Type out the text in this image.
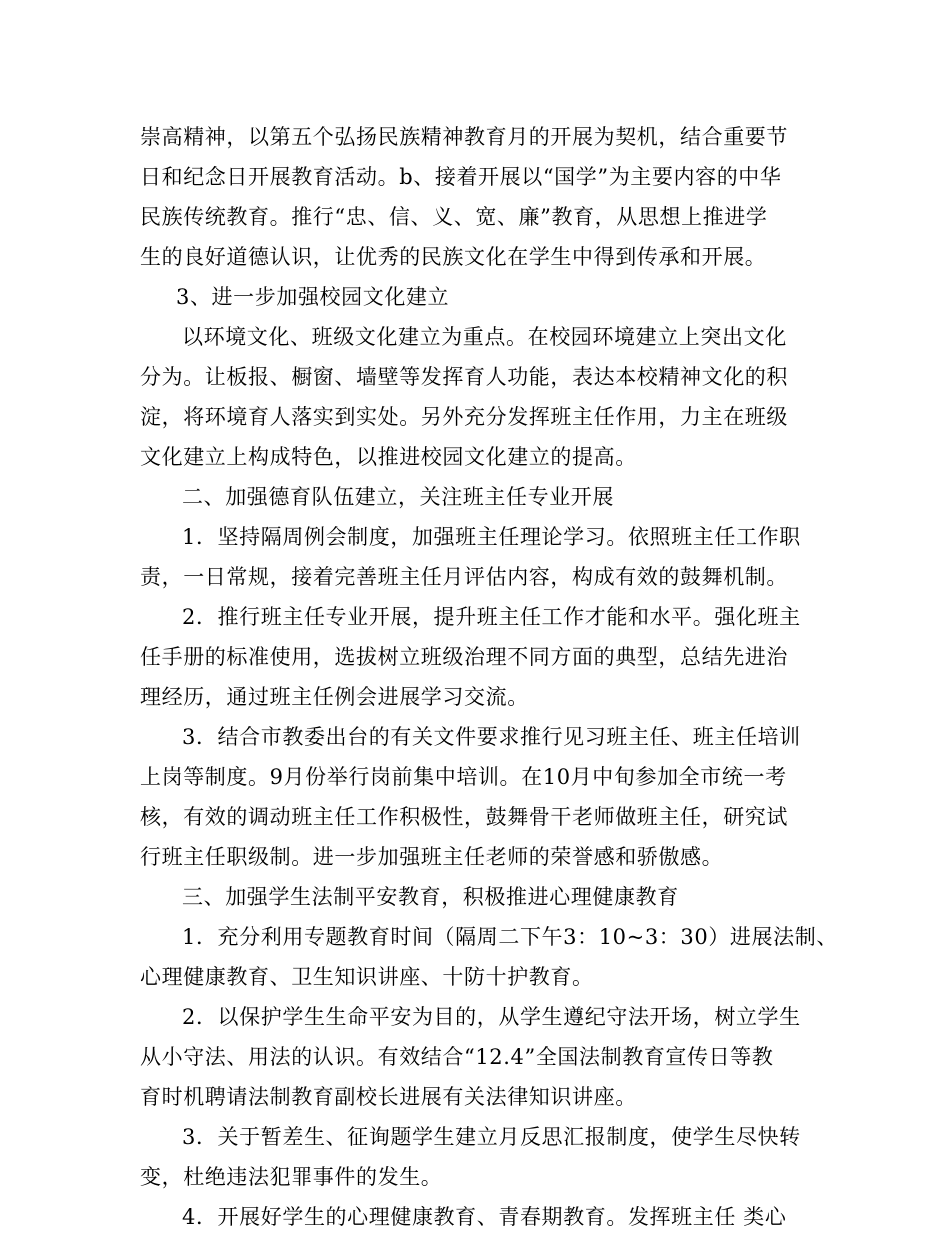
崇高精神，以第五个弘扬民族精神教育月的开展为契机，结合重要节
日和纪念日开展教育活动。b、接着开展以“国学”为主要内容的中华
民族传统教育。推行“忠、信、义、宽、廉”教育，从思想上推进学
生的良好道德认识，让优秀的民族文化在学生中得到传承和开展。
3、进一步加强校园文化建立
以环境文化、班级文化建立为重点。在校园环境建立上突出文化
分为。让板报、橱窗、墙壁等发挥育人功能，表达本校精神文化的积
淀，将环境育人落实到实处。另外充分发挥班主任作用，力主在班级
文化建立上构成特色，以推进校园文化建立的提高。
二、加强德育队伍建立，关注班主任专业开展
1．坚持隔周例会制度，加强班主任理论学习。依照班主任工作职
责，一日常规，接着完善班主任月评估内容，构成有效的鼓舞机制。
2．推行班主任专业开展，提升班主任工作才能和水平。强化班主
任手册的标准使用，选拔树立班级治理不同方面的典型，总结先进治
理经历，通过班主任例会进展学习交流。
3．结合市教委出台的有关文件要求推行见习班主任、班主任培训
上岗等制度。9月份举行岗前集中培训。在10月中旬参加全市统一考
核，有效的调动班主任工作积极性，鼓舞骨干老师做班主任，研究试
行班主任职级制。进一步加强班主任老师的荣誉感和骄傲感。
三、加强学生法制平安教育，积极推进心理健康教育
1．充分利用专题教育时间（隔周二下午3：10~3：30）进展法制、
心理健康教育、卫生知识讲座、十防十护教育。
2．以保护学生生命平安为目的，从学生遵纪守法开场，树立学生
从小守法、用法的认识。有效结合“12.4”全国法制教育宣传日等教
育时机聘请法制教育副校长进展有关法律知识讲座。
3．关于暂差生、征询题学生建立月反思汇报制度，使学生尽快转
变，杜绝违法犯罪事件的发生。
4．开展好学生的心理健康教育、青春期教育。发挥班主任 类心
